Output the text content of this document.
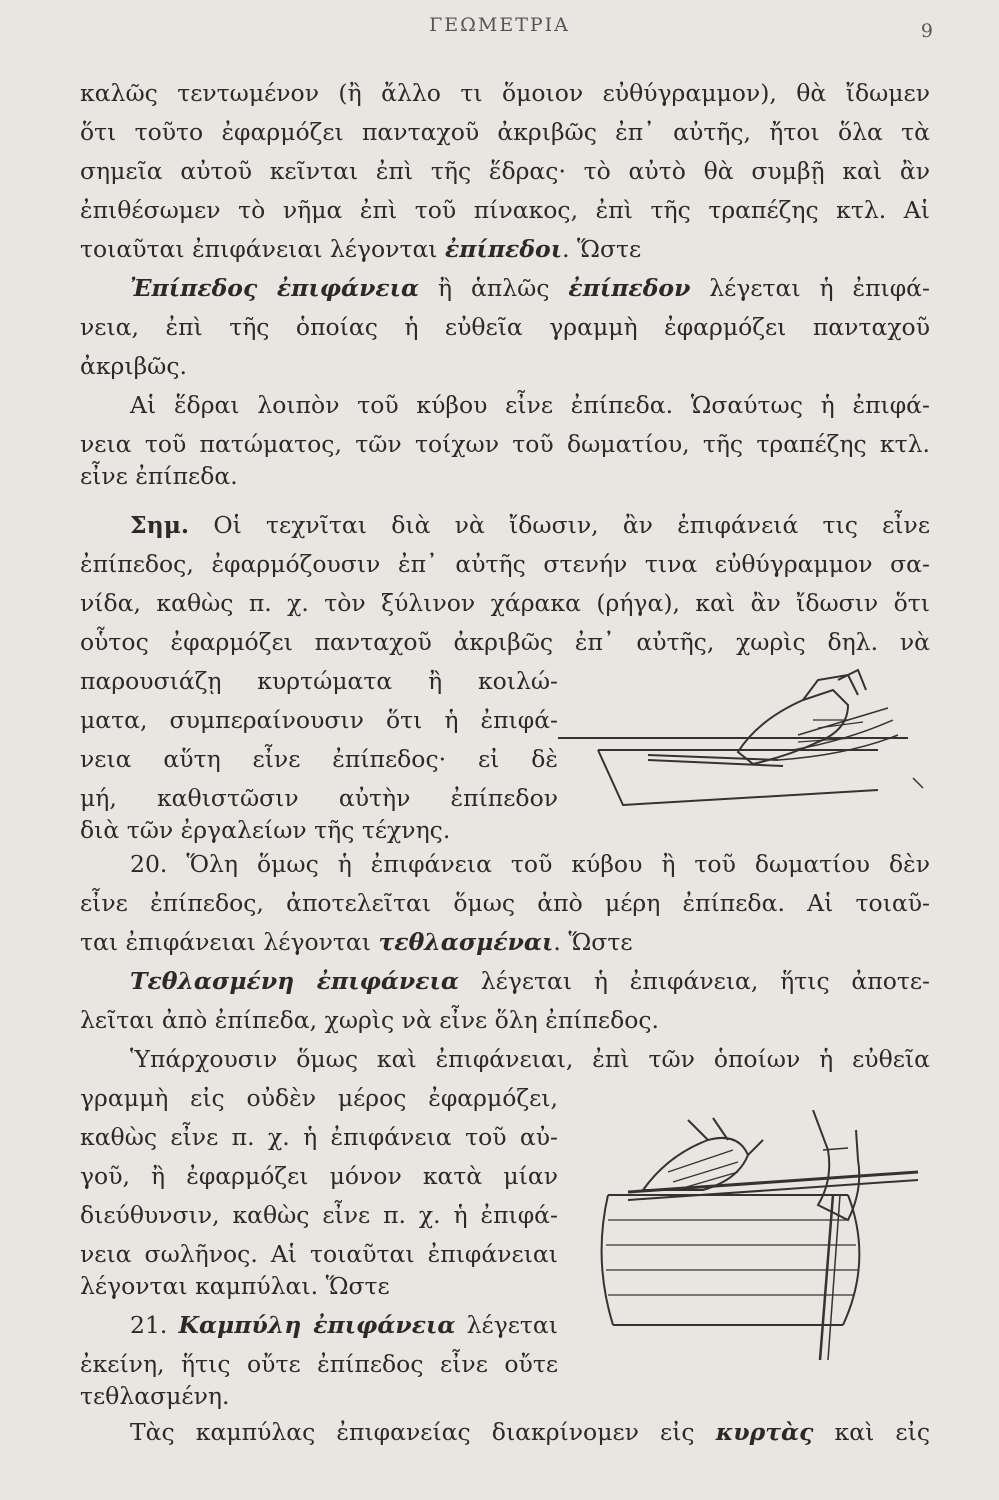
ΓΕΩΜΕΤΡΙΑ	9
καλῶς τεντωμένον (ἢ ἄλλο τι ὅμοιον εὐθύγραμμον), θὰ ἴδωμεν
ὅτι τοῦτο ἐφαρμόζει πανταχοῦ ἀκριβῶς ἐπ᾽ αὐτῆς, ἤτοι ὅλα τὰ
σημεῖα αὐτοῦ κεῖνται ἐπὶ τῆς ἕδρας· τὸ αὐτὸ θὰ συμβῇ καὶ ἂν
ἐπιθέσωμεν τὸ νῆμα ἐπὶ τοῦ πίνακος, ἐπὶ τῆς τραπέζης κτλ. Αἱ
τοιαῦται ἐπιφάνειαι λέγονται ἐπίπεδοι. Ὥστε
Ἐπίπεδος ἐπιφάνεια ἢ ἁπλῶς ἐπίπεδον λέγεται ἡ ἐπιφά-
νεια, ἐπὶ τῆς ὁποίας ἡ εὐθεῖα γραμμὴ ἐφαρμόζει πανταχοῦ
ἀκριβῶς.
Αἱ ἕδραι λοιπὸν τοῦ κύβου εἶνε ἐπίπεδα. Ὡσαύτως ἡ ἐπιφά-
νεια τοῦ πατώματος, τῶν τοίχων τοῦ δωματίου, τῆς τραπέζης κτλ.
εἶνε ἐπίπεδα.
Σημ. Οἱ τεχνῖται διὰ νὰ ἴδωσιν, ἂν ἐπιφάνειά τις εἶνε
ἐπίπεδος, ἐφαρμόζουσιν ἐπ᾽ αὐτῆς στενήν τινα εὐθύγραμμον σα-
νίδα, καθὼς π. χ. τὸν ξύλινον χάρακα (ρήγα), καὶ ἂν ἴδωσιν ὅτι
οὗτος ἐφαρμόζει πανταχοῦ ἀκριβῶς ἐπ᾽ αὐτῆς, χωρὶς δηλ. νὰ
παρουσιάζῃ κυρτώματα ἢ κοιλώ-
ματα, συμπεραίνουσιν ὅτι ἡ ἐπιφά-
νεια αὕτη εἶνε ἐπίπεδος· εἰ δὲ
μή, καθιστῶσιν αὐτὴν ἐπίπεδον
διὰ τῶν ἐργαλείων τῆς τέχνης.
20. Ὅλη ὅμως ἡ ἐπιφάνεια τοῦ κύβου ἢ τοῦ δωματίου δὲν
εἶνε ἐπίπεδος, ἀποτελεῖται ὅμως ἀπὸ μέρη ἐπίπεδα. Αἱ τοιαῦ-
ται ἐπιφάνειαι λέγονται τεθλασμέναι. Ὥστε
Τεθλασμένη ἐπιφάνεια λέγεται ἡ ἐπιφάνεια, ἥτις ἀποτε-
λεῖται ἀπὸ ἐπίπεδα, χωρὶς νὰ εἶνε ὅλη ἐπίπεδος.
Ὑπάρχουσιν ὅμως καὶ ἐπιφάνειαι, ἐπὶ τῶν ὁποίων ἡ εὐθεῖα
γραμμὴ εἰς οὐδὲν μέρος ἐφαρμόζει,
καθὼς εἶνε π. χ. ἡ ἐπιφάνεια τοῦ αὐ-
γοῦ, ἢ ἐφαρμόζει μόνον κατὰ μίαν
διεύθυνσιν, καθὼς εἶνε π. χ. ἡ ἐπιφά-
νεια σωλῆνος. Αἱ τοιαῦται ἐπιφάνειαι
λέγονται καμπύλαι. Ὥστε
21. Καμπύλη ἐπιφάνεια λέγεται
ἐκείνη, ἥτις οὔτε ἐπίπεδος εἶνε οὔτε
τεθλασμένη.
Τὰς καμπύλας ἐπιφανείας διακρίνομεν εἰς κυρτὰς καὶ εἰς
